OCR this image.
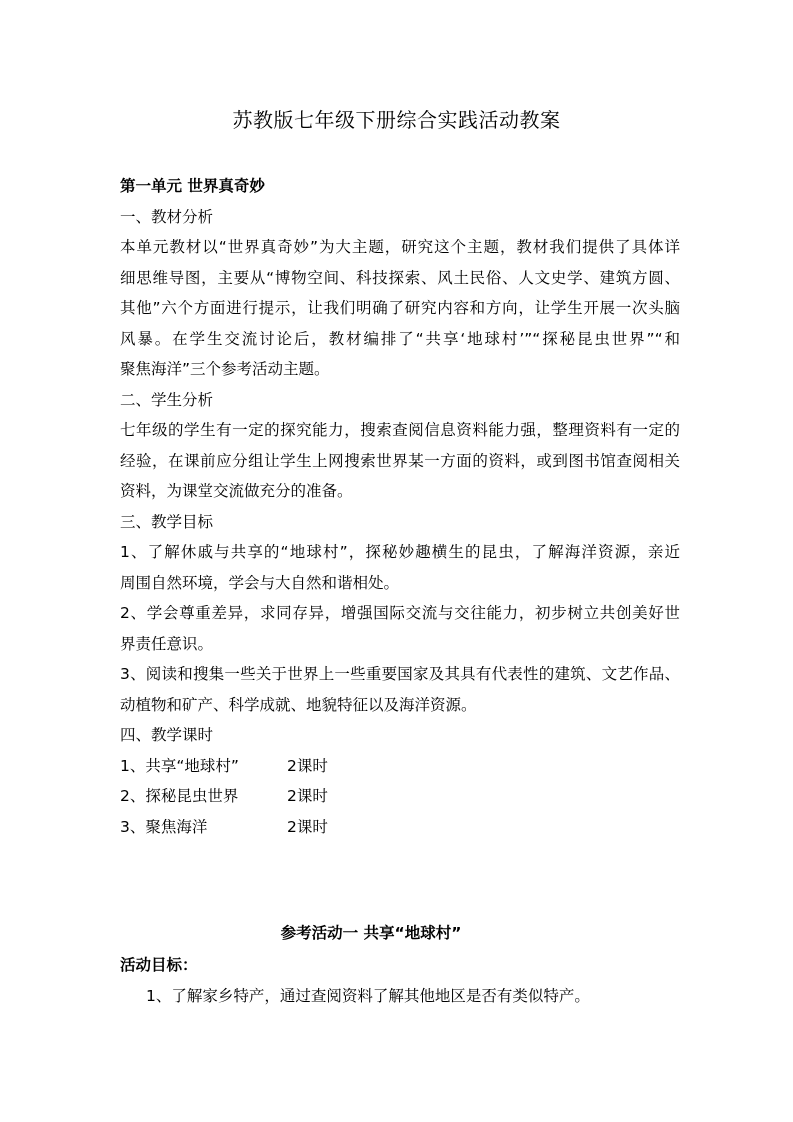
苏教版七年级下册综合实践活动教案
第一单元 世界真奇妙
一、教材分析
本单元教材以“世界真奇妙”为大主题，研究这个主题，教材我们提供了具体详
细思维导图，主要从“博物空间、科技探索、风土民俗、人文史学、建筑方圆、
其他”六个方面进行提示，让我们明确了研究内容和方向，让学生开展一次头脑
风暴。在学生交流讨论后，教材编排了“共享‘地球村’”“探秘昆虫世界”“和
聚焦海洋”三个参考活动主题。
二、学生分析
七年级的学生有一定的探究能力，搜索查阅信息资料能力强，整理资料有一定的
经验，在课前应分组让学生上网搜索世界某一方面的资料，或到图书馆查阅相关
资料，为课堂交流做充分的准备。
三、教学目标
1、了解休戚与共享的“地球村”，探秘妙趣横生的昆虫，了解海洋资源，亲近
周围自然环境，学会与大自然和谐相处。
2、学会尊重差异，求同存异，增强国际交流与交往能力，初步树立共创美好世
界责任意识。
3、阅读和搜集一些关于世界上一些重要国家及其具有代表性的建筑、文艺作品、
动植物和矿产、科学成就、地貌特征以及海洋资源。
四、教学课时
1、共享“地球村”	2课时
2、探秘昆虫世界	2课时
3、聚焦海洋	2课时
参考活动一 共享“地球村”
活动目标：
1、了解家乡特产，通过查阅资料了解其他地区是否有类似特产。
